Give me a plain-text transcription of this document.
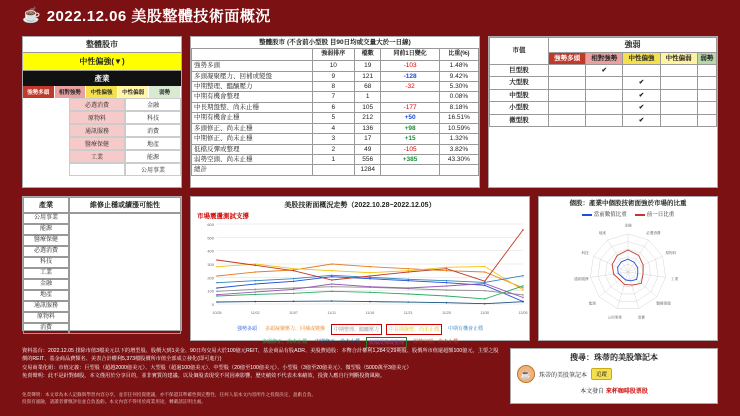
☕ 2022.12.06 美股整體技術面概況
整體股市
中性偏強(▼)
產業
強勢多頭	相對強勢	中性偏強	中性偏弱	弱勢
必選消費	金融
原物料	科技
通訊服務	消費
醫療保健	地產
工業	能源
公用事業
產業	維修止穩或續漲可能性
公用事業
能源
醫療保健
必選消費
科技
工業
金融
地產
通訊服務
原物料
消費
整體股市 (不含前小型股 目90日均或交量大於一日線)
	強弱排序	檔數	同前1日變化	比重(%)
強勢多頭	10	19	-103	1.48%
多頭凝聚壓力、回補或變盤	9	121	-128	9.42%
中期整理、醞釀壓力	8	68	-32	5.30%
中期有機會整理	7	1		0.08%
中長期盤整、尚未止穩	6	105	-177	8.18%
中期有機會止穩	5	212	+50	16.51%
多頭修正、尚未止穩	4	136	+98	10.59%
中期修正、尚未止穩	3	17	+15	1.32%
低檔反彈或整理	2	49	-105	3.82%
弱勢空頭、尚未止穩	1	556	+385	43.30%
總計		1284		
市值	強弱				
	強勢多頭	相對強勢	中性偏強	中性偏弱	弱勢
巨型股		✔			
大型股			✔		
中型股			✔		
小型股			✔		
微型股			✔		
美股技術面概況走勢（2022.10.28~2022.12.05）
市場震盪測試支撐
0
100
200
300
400
500
600
10/28	11/02	11/07	11/11	11/16	11/21	11/25	11/30	12/05
強勢多頭	多頭凝聚壓力、回補或變盤	中期整理、醞釀壓力	中長期盤整、尚未止穩	中期有機會止穩
多頭修正、尚未止穩	中期修正、尚未止穩	低檔反彈或整理	弱勢空頭、尚未止穩
個股：產業中個股技術面強於市場的比重
當前數值比重	前一日比重
金融
必選消費
原物料
工業
醫療保健
消費
公用事業
能源
通訊服務
科技
地產
資料基台：2022.12.05 排除市值3檔美元以下的增型股、股價大到1美金、90日均交易大於100億元REIT、基金商品有股ADR、美股費通股：本幣合計權利1,284交29期股、股價所市值還超額100億元，主要之股價的REIT、基金商品費類名、美表合計權利5,373檔股價所市值全部成立發化(即可進行)
交易商業化組：市值定義：巨型股（超越2000億美元）、大型股（超過100億美元）、中型股（20億至100億美元）、小型股（3億至20億美元）、微型股（5000萬至3億美元）
免責聲明：此不是針對個股，本文僅用於分享目的，並非實質的建議。以及個股表現受不同因素影響，歷史績效不代表未來績效，投資人應自行判斷投資風險。
免責聲明：本文章為本人記錄與學習內容分享，並非任何投資建議，亦不保證其準確性與完整性，任何人依本文內容所作之投資決定，盈虧自負。
投資有風險，請讀者審慎評估並自負盈虧。本文內容不得用於商業用途，轉載請註明出處。
搜尋：珠蒂的美股筆記本
☕	珠蒂的美股筆記本	追蹤
本文發自 來杯咖啡股票股
